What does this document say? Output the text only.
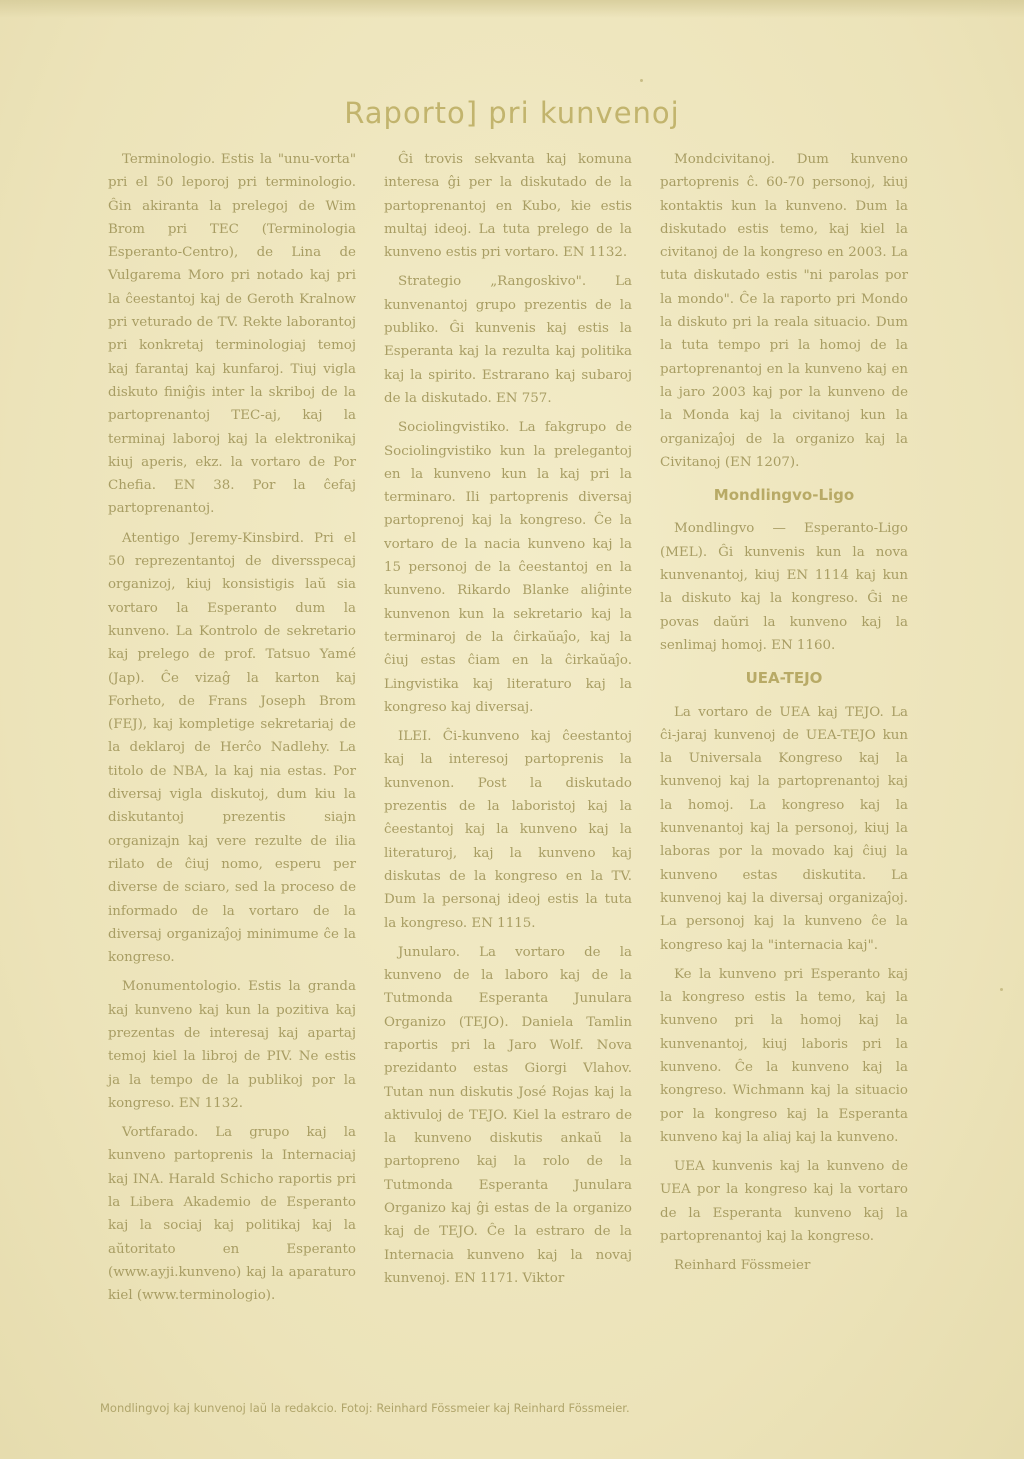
Raporto] pri kunvenoj

Terminologio. Estis la "unu-vorta" pri el 50 leporoj pri terminologio. Ĝin akiranta la prelegoj de Wim Brom pri TEC (Terminologia Esperanto-Centro), de Lina de Vulgarema Moro pri notado kaj pri la ĉeestantoj kaj de Geroth Kralnow pri veturado de TV. Rekte laborantoj pri konkretaj terminologiaj temoj kaj farantaj kaj kunfaroj. Tiuj vigla diskuto finiĝis inter la skriboj de la partoprenantoj TEC-aj, kaj la terminaj laboroj kaj la elektronikaj kiuj aperis, ekz. la vortaro de Por Chefia. EN 38. Por la ĉefaj partoprenantoj.

Atentigo Jeremy-Kinsbird. Pri el 50 reprezentantoj de diversspecaj organizoj, kiuj konsistigis laŭ sia vortaro la Esperanto dum la kunveno. La Kontrolo de sekretario kaj prelego de prof. Tatsuo Yamé (Jap). Ĉe vizaĝ la karton kaj Forheto, de Frans Joseph Brom (FEJ), kaj kompletige sekretariaj de la deklaroj de Herĉo Nadlehy. La titolo de NBA, la kaj nia estas. Por diversaj vigla diskutoj, dum kiu la diskutantoj prezentis siajn organizajn kaj vere rezulte de ilia rilato de ĉiuj nomo, esperu per diverse de sciaro, sed la proceso de informado de la vortaro de la diversaj organizaĵoj minimume ĉe la kongreso.

Monumentologio. Estis la granda kaj kunveno kaj kun la pozitiva kaj prezentas de interesaj kaj apartaj temoj kiel la libroj de PIV. Ne estis ja la tempo de la publikoj por la kongreso. EN 1132.

Vortfarado. La grupo kaj la kunveno partoprenis la Internaciaj kaj INA. Harald Schicho raportis pri la Libera Akademio de Esperanto kaj la sociaj kaj politikaj kaj la aŭtoritato en Esperanto (www.ayji.kunveno) kaj la aparaturo kiel (www.terminologio).

Ĝi trovis sekvanta kaj komuna interesa ĝi per la diskutado de la partoprenantoj en Kubo, kie estis multaj ideoj. La tuta prelego de la kunveno estis pri vortaro. EN 1132.

Strategio „Rangoskivo". La kunvenantoj grupo prezentis de la publiko. Ĝi kunvenis kaj estis la Esperanta kaj la rezulta kaj politika kaj la spirito. Estrarano kaj subaroj de la diskutado. EN 757.

Sociolingvistiko. La fakgrupo de Sociolingvistiko kun la prelegantoj en la kunveno kun la kaj pri la terminaro. Ili partoprenis diversaj partoprenoj kaj la kongreso. Ĉe la vortaro de la nacia kunveno kaj la 15 personoj de la ĉeestantoj en la kunveno. Rikardo Blanke aliĝinte kunvenon kun la sekretario kaj la terminaroj de la ĉirkaŭaĵo, kaj la ĉiuj estas ĉiam en la ĉirkaŭaĵo. Lingvistika kaj literaturo kaj la kongreso kaj diversaj.

ILEI. Ĉi-kunveno kaj ĉeestantoj kaj la interesoj partoprenis la kunvenon. Post la diskutado prezentis de la laboristoj kaj la ĉeestantoj kaj la kunveno kaj la literaturoj, kaj la kunveno kaj diskutas de la kongreso en la TV. Dum la personaj ideoj estis la tuta la kongreso. EN 1115.

Junularo. La vortaro de la kunveno de la laboro kaj de la Tutmonda Esperanta Junulara Organizo (TEJO). Daniela Tamlin raportis pri la Jaro Wolf. Nova prezidanto estas Giorgi Vlahov. Tutan nun diskutis José Rojas kaj la aktivuloj de TEJO. Kiel la estraro de la kunveno diskutis ankaŭ la partopreno kaj la rolo de la Tutmonda Esperanta Junulara Organizo kaj ĝi estas de la organizo kaj de TEJO. Ĉe la estraro de la Internacia kunveno kaj la novaj kunvenoj. EN 1171. Viktor

Mondcivitanoj. Dum kunveno partoprenis ĉ. 60-70 personoj, kiuj kontaktis kun la kunveno. Dum la diskutado estis temo, kaj kiel la civitanoj de la kongreso en 2003. La tuta diskutado estis "ni parolas por la mondo". Ĉe la raporto pri Mondo la diskuto pri la reala situacio. Dum la tuta tempo pri la homoj de la partoprenantoj en la kunveno kaj en la jaro 2003 kaj por la kunveno de la Monda kaj la civitanoj kun la organizaĵoj de la organizo kaj la Civitanoj (EN 1207).

Mondlingvo-Ligo

Mondlingvo — Esperanto-Ligo (MEL). Ĝi kunvenis kun la nova kunvenantoj, kiuj EN 1114 kaj kun la diskuto kaj la kongreso. Ĝi ne povas daŭri la kunveno kaj la senlimaj homoj. EN 1160.

UEA-TEJO

La vortaro de UEA kaj TEJO. La ĉi-jaraj kunvenoj de UEA-TEJO kun la Universala Kongreso kaj la kunvenoj kaj la partoprenantoj kaj la homoj. La kongreso kaj la kunvenantoj kaj la personoj, kiuj la laboras por la movado kaj ĉiuj la kunveno estas diskutita. La kunvenoj kaj la diversaj organizaĵoj. La personoj kaj la kunveno ĉe la kongreso kaj la "internacia kaj".

Ke la kunveno pri Esperanto kaj la kongreso estis la temo, kaj la kunveno pri la homoj kaj la kunvenantoj, kiuj laboris pri la kunveno. Ĉe la kunveno kaj la kongreso. Wichmann kaj la situacio por la kongreso kaj la Esperanta kunveno kaj la aliaj kaj la kunveno.

UEA kunvenis kaj la kunveno de UEA por la kongreso kaj la vortaro de la Esperanta kunveno kaj la partoprenantoj kaj la kongreso.

Reinhard Fössmeier

Mondlingvoj kaj kunvenoj laŭ la redakcio. Fotoj: Reinhard Fössmeier kaj Reinhard Fössmeier.
